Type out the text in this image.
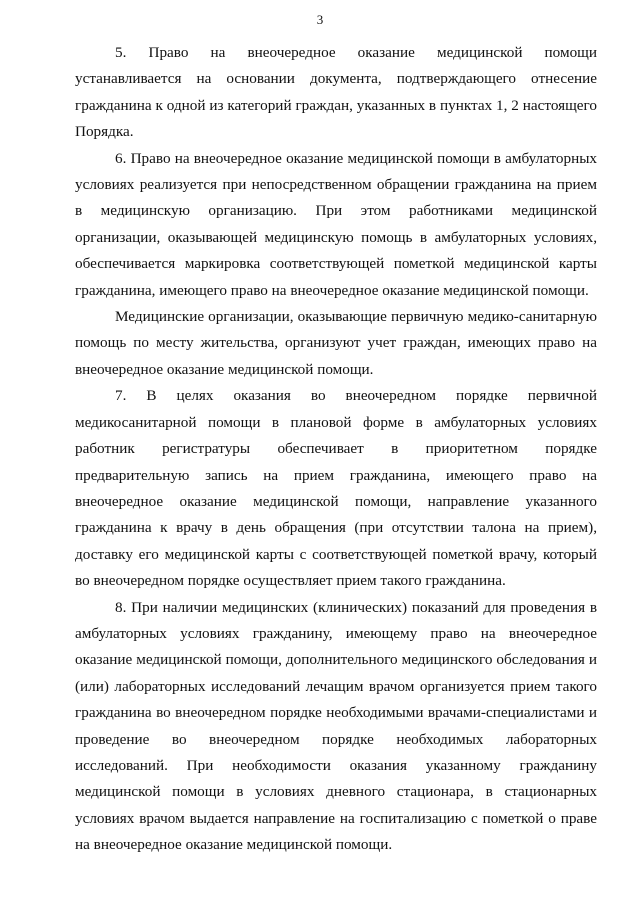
3

5. Право на внеочередное оказание медицинской помощи устанавливается на основании документа, подтверждающего отнесение гражданина к одной из категорий граждан, указанных в пунктах 1, 2 настоящего Порядка.

6. Право на внеочередное оказание медицинской помощи в амбулаторных условиях реализуется при непосредственном обращении гражданина на прием в медицинскую организацию. При этом работниками медицинской организации, оказывающей медицинскую помощь в амбулаторных условиях, обеспечивается маркировка соответствующей пометкой медицинской карты гражданина, имеющего право на внеочередное оказание медицинской помощи.

Медицинские организации, оказывающие первичную медико-санитарную помощь по месту жительства, организуют учет граждан, имеющих право на внеочередное оказание медицинской помощи.

7. В целях оказания во внеочередном порядке первичной медикосанитарной помощи в плановой форме в амбулаторных условиях работник регистратуры обеспечивает в приоритетном порядке предварительную запись на прием гражданина, имеющего право на внеочередное оказание медицинской помощи, направление указанного гражданина к врачу в день обращения (при отсутствии талона на прием), доставку его медицинской карты с соответствующей пометкой врачу, который во внеочередном порядке осуществляет прием такого гражданина.

8. При наличии медицинских (клинических) показаний для проведения в амбулаторных условиях гражданину, имеющему право на внеочередное оказание медицинской помощи, дополнительного медицинского обследования и (или) лабораторных исследований лечащим врачом организуется прием такого гражданина во внеочередном порядке необходимыми врачами-специалистами и проведение во внеочередном порядке необходимых лабораторных исследований. При необходимости оказания указанному гражданину медицинской помощи в условиях дневного стационара, в стационарных условиях врачом выдается направление на госпитализацию с пометкой о праве на внеочередное оказание медицинской помощи.
